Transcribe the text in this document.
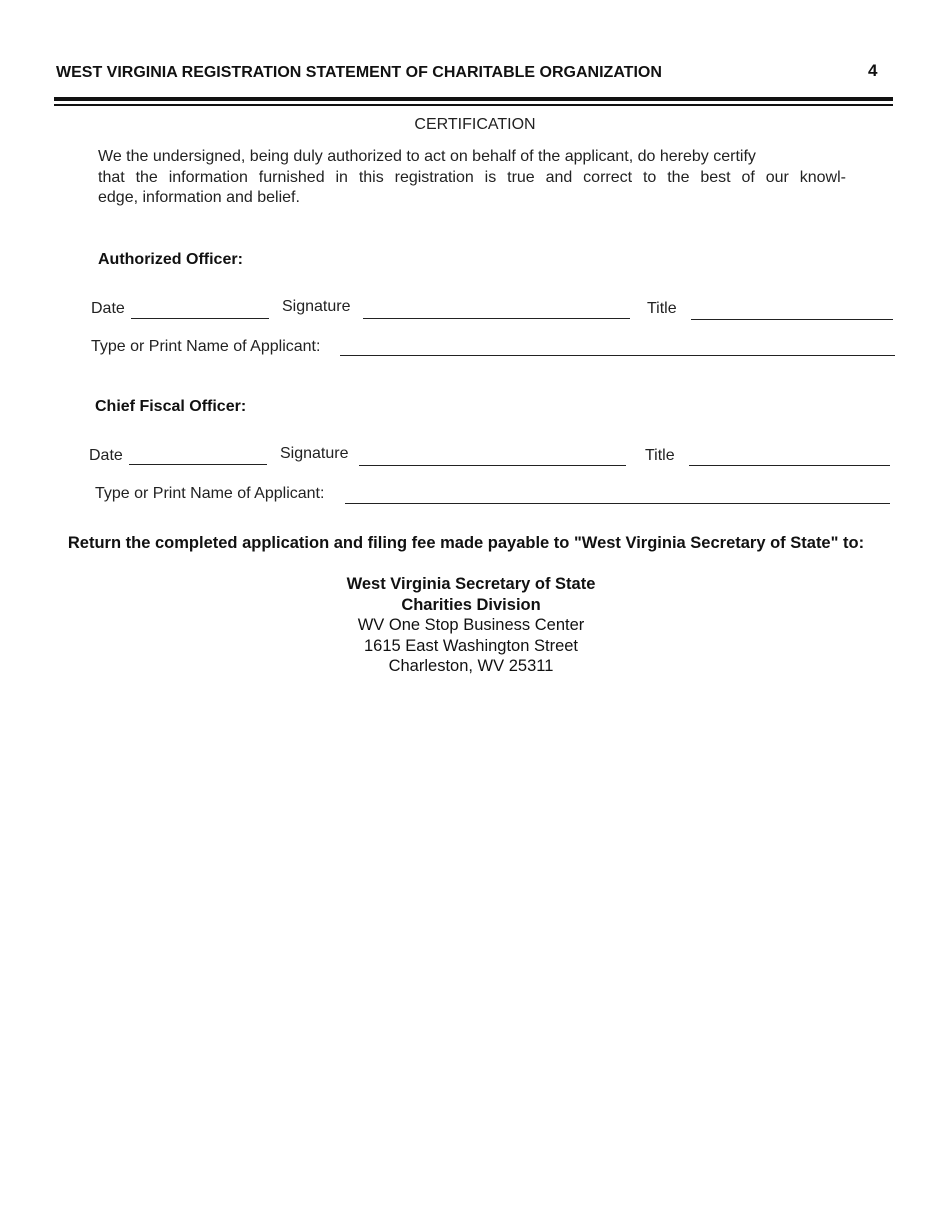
WEST VIRGINIA REGISTRATION STATEMENT OF CHARITABLE ORGANIZATION	4
CERTIFICATION
We the undersigned, being duly authorized to act on behalf of the applicant, do hereby certify
that the information furnished in this registration is true and correct to the best of our knowl-
edge, information and belief.
Authorized Officer:
Date	Signature	Title
Type or Print Name of Applicant:
Chief Fiscal Officer:
Date	Signature	Title
Type or Print Name of Applicant:
Return the completed application and filing fee made payable to "West Virginia Secretary of State" to:
West Virginia Secretary of State
Charities Division
WV One Stop Business Center
1615 East Washington Street
Charleston, WV 25311
